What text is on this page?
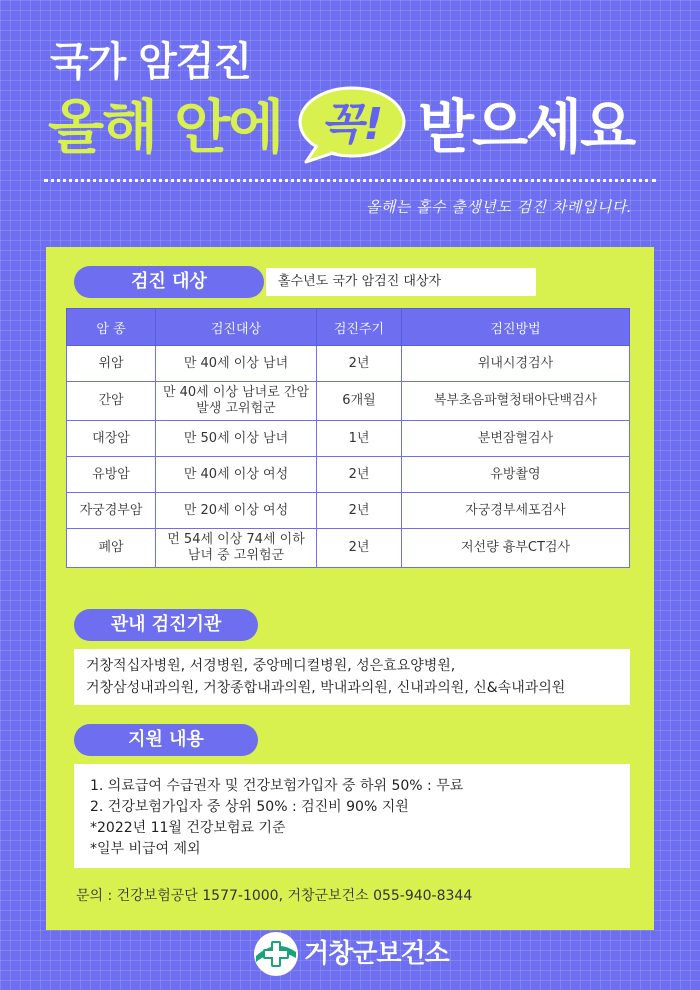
국가 암검진
올해 안에 꼭! 받으세요
올해는 홀수 출생년도 검진 차례입니다.
검진 대상	홀수년도 국가 암검진 대상자
암 종	검진대상	검진주기	검진방법
위암	만 40세 이상 남녀	2년	위내시경검사
간암	만 40세 이상 남녀로 간암 발생 고위험군	6개월	복부초음파혈청태아단백검사
대장암	만 50세 이상 남녀	1년	분변잠혈검사
유방암	만 40세 이상 여성	2년	유방촬영
자궁경부암	만 20세 이상 여성	2년	자궁경부세포검사
폐암	먼 54세 이상 74세 이하 남녀 중 고위험군	2년	저선량 흉부CT검사
관내 검진기관
거창적십자병원, 서경병원, 중앙메디컬병원, 성은효요양병원,
거창삼성내과의원, 거창종합내과의원, 박내과의원, 신내과의원, 신&속내과의원
지원 내용
1. 의료급여 수급권자 및 건강보험가입자 중 하위 50% : 무료
2. 건강보험가입자 중 상위 50% : 검진비 90% 지원
*2022년 11월 건강보험료 기준
*일부 비급여 제외
문의 : 건강보험공단 1577-1000, 거창군보건소 055-940-8344
거창군보건소
